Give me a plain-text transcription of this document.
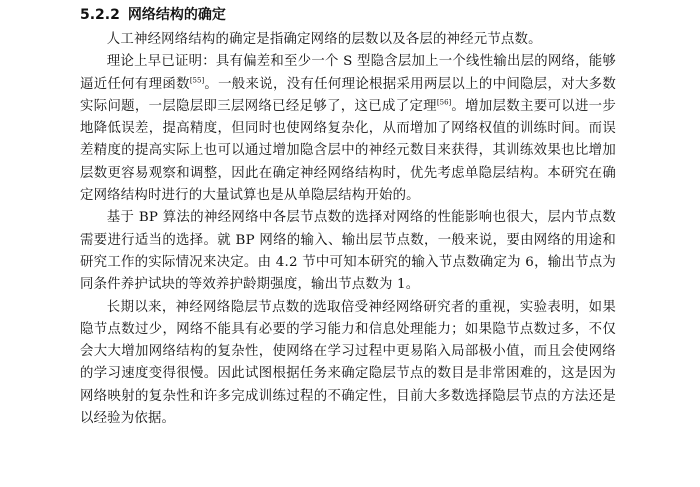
5.2.2 网络结构的确定

人工神经网络结构的确定是指确定网络的层数以及各层的神经元节点数。

理论上早已证明：具有偏差和至少一个 S 型隐含层加上一个线性输出层的网络，能够逼近任何有理函数[55]。一般来说，没有任何理论根据采用两层以上的中间隐层，对大多数实际问题，一层隐层即三层网络已经足够了，这已成了定理[56]。增加层数主要可以进一步地降低误差，提高精度，但同时也使网络复杂化，从而增加了网络权值的训练时间。而误差精度的提高实际上也可以通过增加隐含层中的神经元数目来获得，其训练效果也比增加层数更容易观察和调整，因此在确定神经网络结构时，优先考虑单隐层结构。本研究在确定网络结构时进行的大量试算也是从单隐层结构开始的。

基于 BP 算法的神经网络中各层节点数的选择对网络的性能影响也很大，层内节点数需要进行适当的选择。就 BP 网络的输入、输出层节点数，一般来说，要由网络的用途和研究工作的实际情况来决定。由 4.2 节中可知本研究的输入节点数确定为 6，输出节点为同条件养护试块的等效养护龄期强度，输出节点数为 1。

长期以来，神经网络隐层节点数的选取倍受神经网络研究者的重视，实验表明，如果隐节点数过少，网络不能具有必要的学习能力和信息处理能力；如果隐节点数过多，不仅会大大增加网络结构的复杂性，使网络在学习过程中更易陷入局部极小值，而且会使网络的学习速度变得很慢。因此试图根据任务来确定隐层节点的数目是非常困难的，这是因为网络映射的复杂性和许多完成训练过程的不确定性，目前大多数选择隐层节点的方法还是以经验为依据。
